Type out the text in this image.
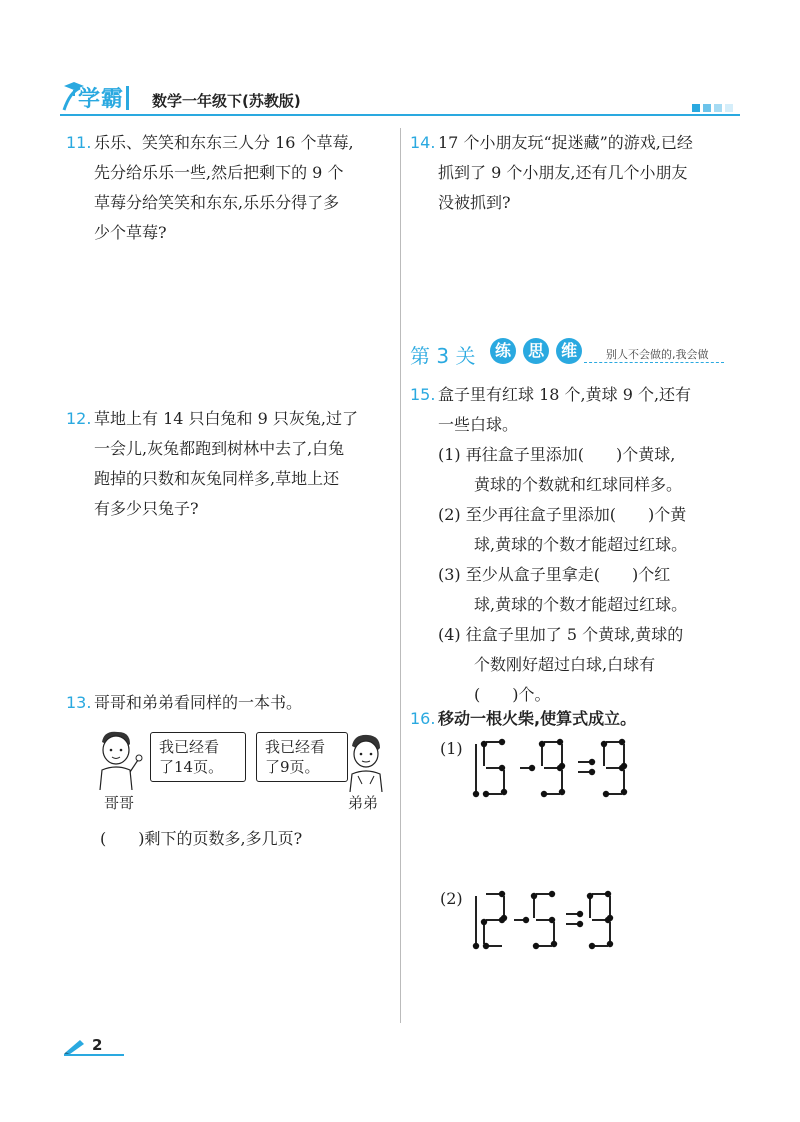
学霸 数学一年级下(苏教版)
11. 乐乐、笑笑和东东三人分 16 个草莓,
先分给乐乐一些,然后把剩下的 9 个
草莓分给笑笑和东东,乐乐分得了多
少个草莓?
12. 草地上有 14 只白兔和 9 只灰兔,过了
一会儿,灰兔都跑到树林中去了,白兔
跑掉的只数和灰兔同样多,草地上还
有多少只兔子?
13. 哥哥和弟弟看同样的一本书。
我已经看
了14页。
我已经看
了9页。
哥哥	弟弟
(　　)剩下的页数多,多几页?
14. 17 个小朋友玩“捉迷藏”的游戏,已经
抓到了 9 个小朋友,还有几个小朋友
没被抓到?
第 3 关	练 思 维	别人不会做的,我会做
15. 盒子里有红球 18 个,黄球 9 个,还有
一些白球。
(1) 再往盒子里添加(　　)个黄球,
黄球的个数就和红球同样多。
(2) 至少再往盒子里添加(　　)个黄
球,黄球的个数才能超过红球。
(3) 至少从盒子里拿走(　　)个红
球,黄球的个数才能超过红球。
(4) 往盒子里加了 5 个黄球,黄球的
个数刚好超过白球,白球有
(　　)个。
16. 移动一根火柴,使算式成立。
(1)
(2)
2
